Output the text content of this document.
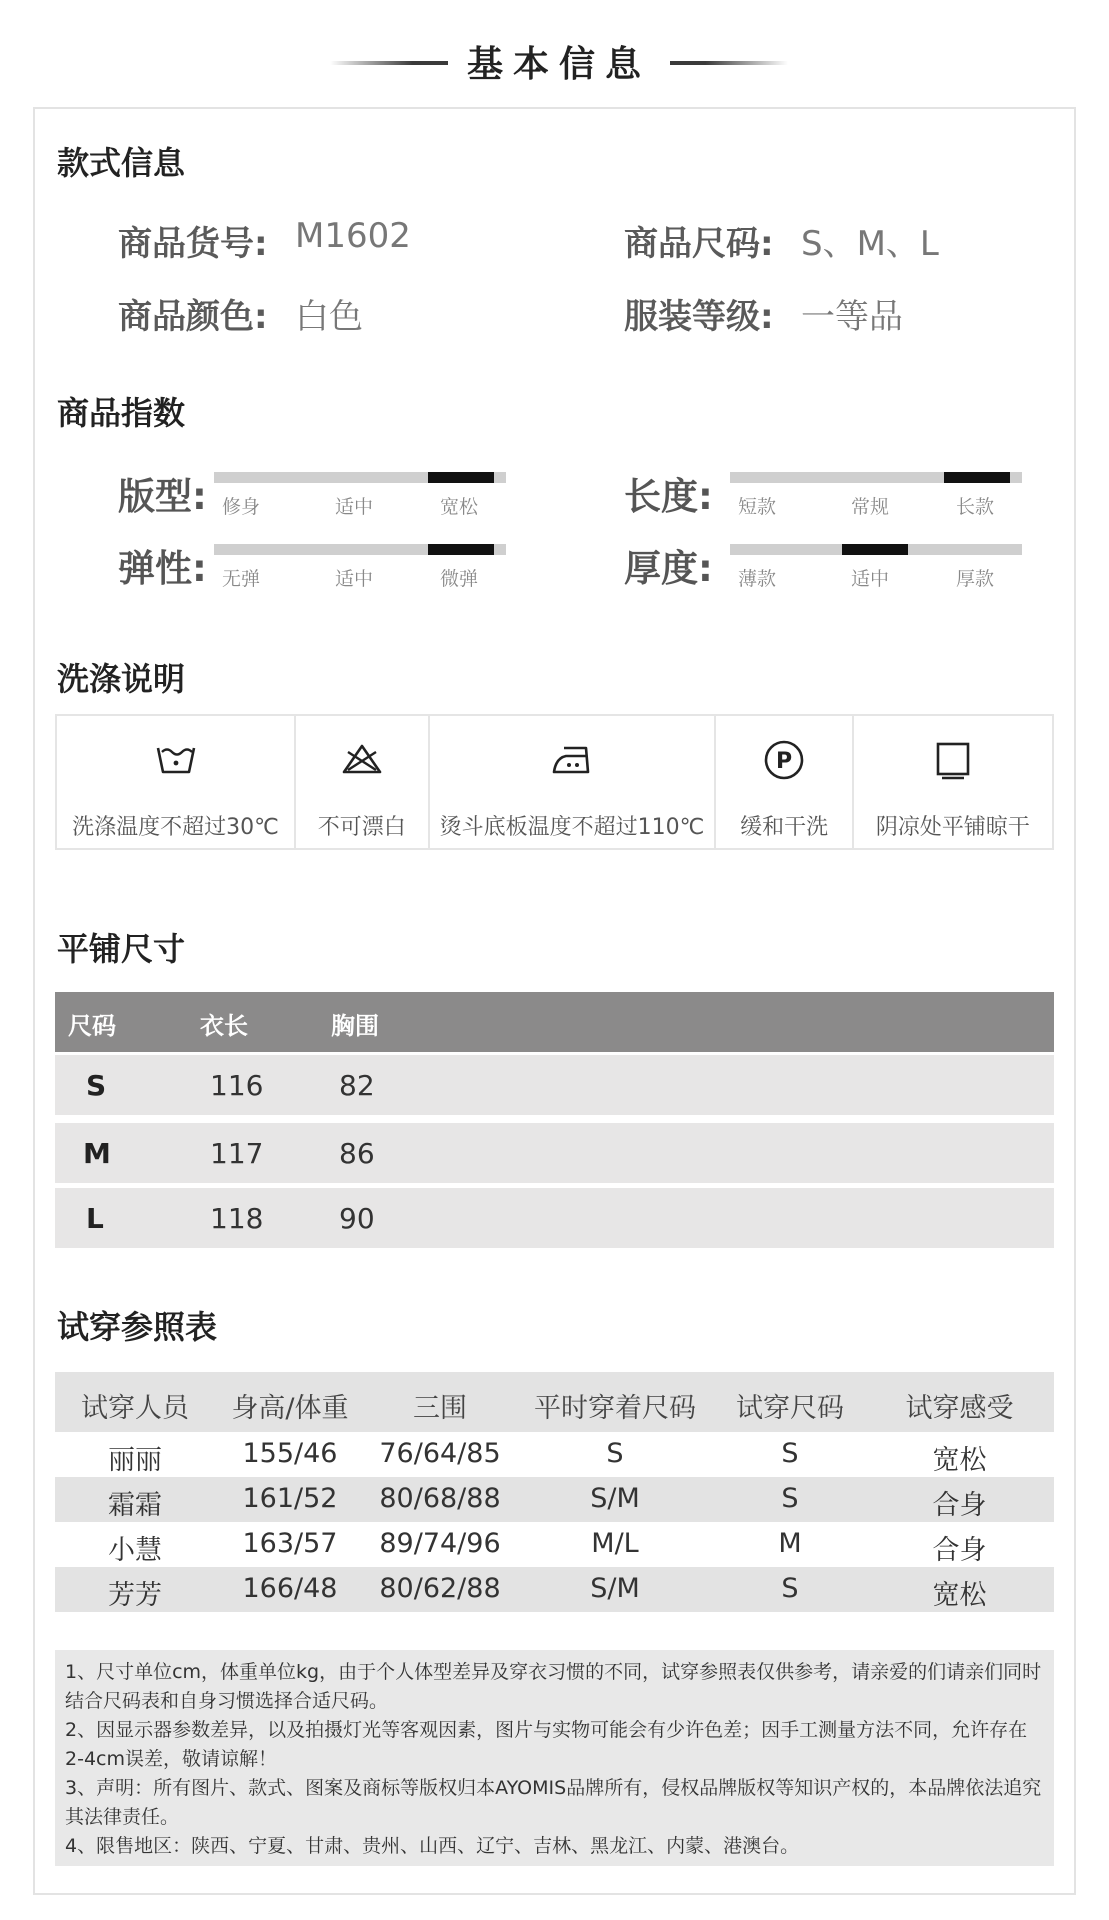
基本信息
款式信息
商品货号: M1602	商品尺码: S、M、L
商品颜色: 白色	服装等级: 一等品
商品指数
版型: 修身	适中	宽松	长度: 短款	常规	长款
弹性: 无弹	适中	微弹	厚度: 薄款	适中	厚款
洗涤说明
洗涤温度不超过30℃	不可漂白	烫斗底板温度不超过110℃
P
缓和干洗	阴凉处平铺晾干
平铺尺寸
尺码	衣长	胸围
S	116	82
M	117	86
L	118	90
试穿参照表
试穿人员	身高/体重	三围	平时穿着尺码	试穿尺码	试穿感受
丽丽	155/46	76/64/85	S	S	宽松
霜霜	161/52	80/68/88	S/M	S	合身
小慧	163/57	89/74/96	M/L	M	合身
芳芳	166/48	80/62/88	S/M	S	宽松

1、尺寸单位cm，体重单位kg，由于个人体型差异及穿衣习惯的不同，试穿参照表仅供参考，请亲爱的们请亲们同时结合尺码表和自身习惯选择合适尺码。

2、因显示器参数差异，以及拍摄灯光等客观因素，图片与实物可能会有少许色差；因手工测量方法不同，允许存在2-4cm误差，敬请谅解！

3、声明：所有图片、款式、图案及商标等版权归本AYOMIS品牌所有，侵权品牌版权等知识产权的，本品牌依法追究其法律责任。

4、限售地区：陕西、宁夏、甘肃、贵州、山西、辽宁、吉林、黑龙江、内蒙、港澳台。
